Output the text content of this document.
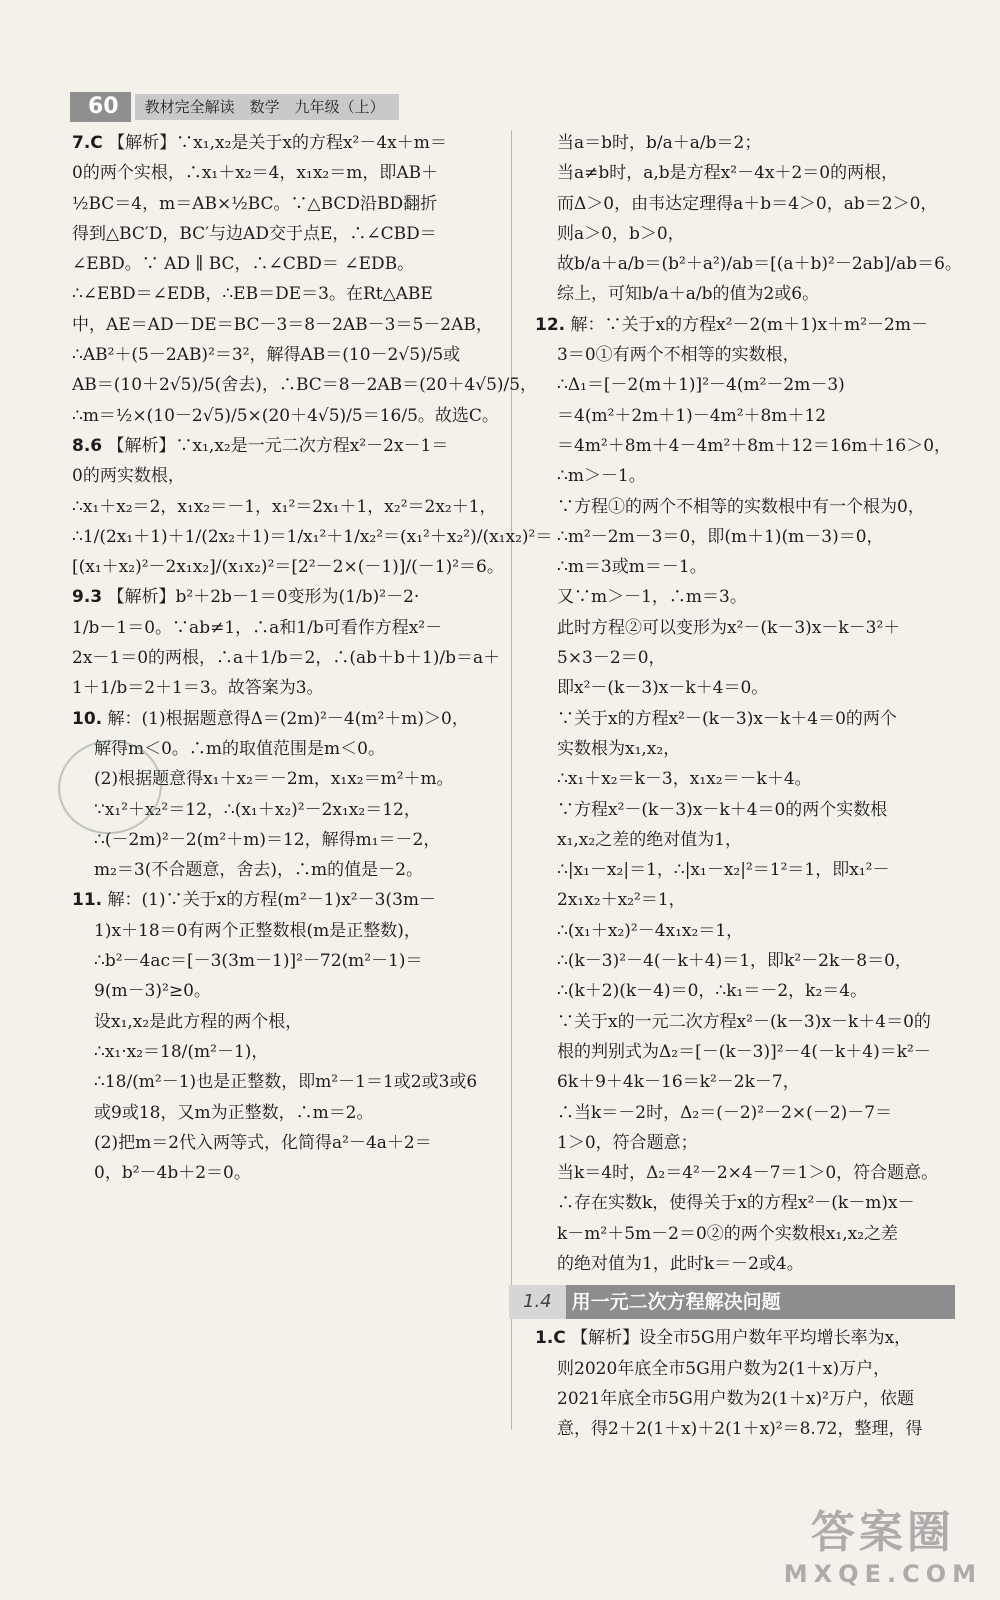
60	教材完全解读　数学　九年级（上）
7.C 【解析】∵x₁,x₂是关于x的方程x²－4x＋m＝
0的两个实根，∴x₁＋x₂＝4，x₁x₂＝m，即AB＋
½BC＝4，m＝AB×½BC。∵△BCD沿BD翻折
得到△BC′D，BC′与边AD交于点E，∴∠CBD＝
∠EBD。∵ AD ∥ BC，∴∠CBD＝ ∠EDB。
∴∠EBD＝∠EDB，∴EB＝DE＝3。在Rt△ABE
中，AE＝AD－DE＝BC－3＝8－2AB－3＝5－2AB，
∴AB²＋(5－2AB)²＝3²，解得AB＝(10－2√5)/5或
AB＝(10＋2√5)/5(舍去)，∴BC＝8－2AB＝(20＋4√5)/5，
∴m＝½×(10－2√5)/5×(20＋4√5)/5＝16/5。故选C。
8.6 【解析】∵x₁,x₂是一元二次方程x²－2x－1＝
0的两实数根，
∴x₁＋x₂＝2，x₁x₂＝－1，x₁²＝2x₁＋1，x₂²＝2x₂＋1，
∴1/(2x₁＋1)＋1/(2x₂＋1)＝1/x₁²＋1/x₂²＝(x₁²＋x₂²)/(x₁x₂)²＝
[(x₁＋x₂)²－2x₁x₂]/(x₁x₂)²＝[2²－2×(－1)]/(－1)²＝6。
9.3 【解析】b²＋2b－1＝0变形为(1/b)²－2·
1/b－1＝0。∵ab≠1，∴a和1/b可看作方程x²－
2x－1＝0的两根，∴a＋1/b＝2，∴(ab＋b＋1)/b＝a＋
1＋1/b＝2＋1＝3。故答案为3。
10. 解：(1)根据题意得Δ＝(2m)²－4(m²＋m)＞0，
解得m＜0。∴m的取值范围是m＜0。
(2)根据题意得x₁＋x₂＝－2m，x₁x₂＝m²＋m。
∵x₁²＋x₂²＝12，∴(x₁＋x₂)²－2x₁x₂＝12，
∴(－2m)²－2(m²＋m)＝12，解得m₁＝－2，
m₂＝3(不合题意，舍去)，∴m的值是－2。
11. 解：(1)∵关于x的方程(m²－1)x²－3(3m－
1)x＋18＝0有两个正整数根(m是正整数)，
∴b²－4ac＝[－3(3m－1)]²－72(m²－1)＝
9(m－3)²≥0。
设x₁,x₂是此方程的两个根，
∴x₁·x₂＝18/(m²－1)，
∴18/(m²－1)也是正整数，即m²－1＝1或2或3或6
或9或18，又m为正整数，∴m＝2。
(2)把m＝2代入两等式，化简得a²－4a＋2＝
0，b²－4b＋2＝0。
当a＝b时，b/a＋a/b＝2；
当a≠b时，a,b是方程x²－4x＋2＝0的两根，
而Δ＞0，由韦达定理得a＋b＝4＞0，ab＝2＞0，
则a＞0，b＞0，
故b/a＋a/b＝(b²＋a²)/ab＝[(a＋b)²－2ab]/ab＝6。
综上，可知b/a＋a/b的值为2或6。
12. 解：∵关于x的方程x²－2(m＋1)x＋m²－2m－
3＝0①有两个不相等的实数根，
∴Δ₁＝[－2(m＋1)]²－4(m²－2m－3)
＝4(m²＋2m＋1)－4m²＋8m＋12
＝4m²＋8m＋4－4m²＋8m＋12＝16m＋16＞0，
∴m＞－1。
∵方程①的两个不相等的实数根中有一个根为0，
∴m²－2m－3＝0，即(m＋1)(m－3)＝0，
∴m＝3或m＝－1。
又∵m＞－1，∴m＝3。
此时方程②可以变形为x²－(k－3)x－k－3²＋
5×3－2＝0，
即x²－(k－3)x－k＋4＝0。
∵关于x的方程x²－(k－3)x－k＋4＝0的两个
实数根为x₁,x₂，
∴x₁＋x₂＝k－3，x₁x₂＝－k＋4。
∵方程x²－(k－3)x－k＋4＝0的两个实数根
x₁,x₂之差的绝对值为1，
∴|x₁－x₂|＝1，∴|x₁－x₂|²＝1²＝1，即x₁²－
2x₁x₂＋x₂²＝1，
∴(x₁＋x₂)²－4x₁x₂＝1，
∴(k－3)²－4(－k＋4)＝1，即k²－2k－8＝0，
∴(k＋2)(k－4)＝0，∴k₁＝－2，k₂＝4。
∵关于x的一元二次方程x²－(k－3)x－k＋4＝0的
根的判别式为Δ₂＝[－(k－3)]²－4(－k＋4)＝k²－
6k＋9＋4k－16＝k²－2k－7，
∴当k＝－2时，Δ₂＝(－2)²－2×(－2)－7＝
1＞0，符合题意；
当k＝4时，Δ₂＝4²－2×4－7＝1＞0，符合题意。
∴存在实数k，使得关于x的方程x²－(k－m)x－
k－m²＋5m－2＝0②的两个实数根x₁,x₂之差
的绝对值为1，此时k＝－2或4。
1.4	用一元二次方程解决问题
1.C 【解析】设全市5G用户数年平均增长率为x，
则2020年底全市5G用户数为2(1＋x)万户，
2021年底全市5G用户数为2(1＋x)²万户，依题
意，得2＋2(1＋x)＋2(1＋x)²＝8.72，整理，得
答案圈
MXQE.COM
